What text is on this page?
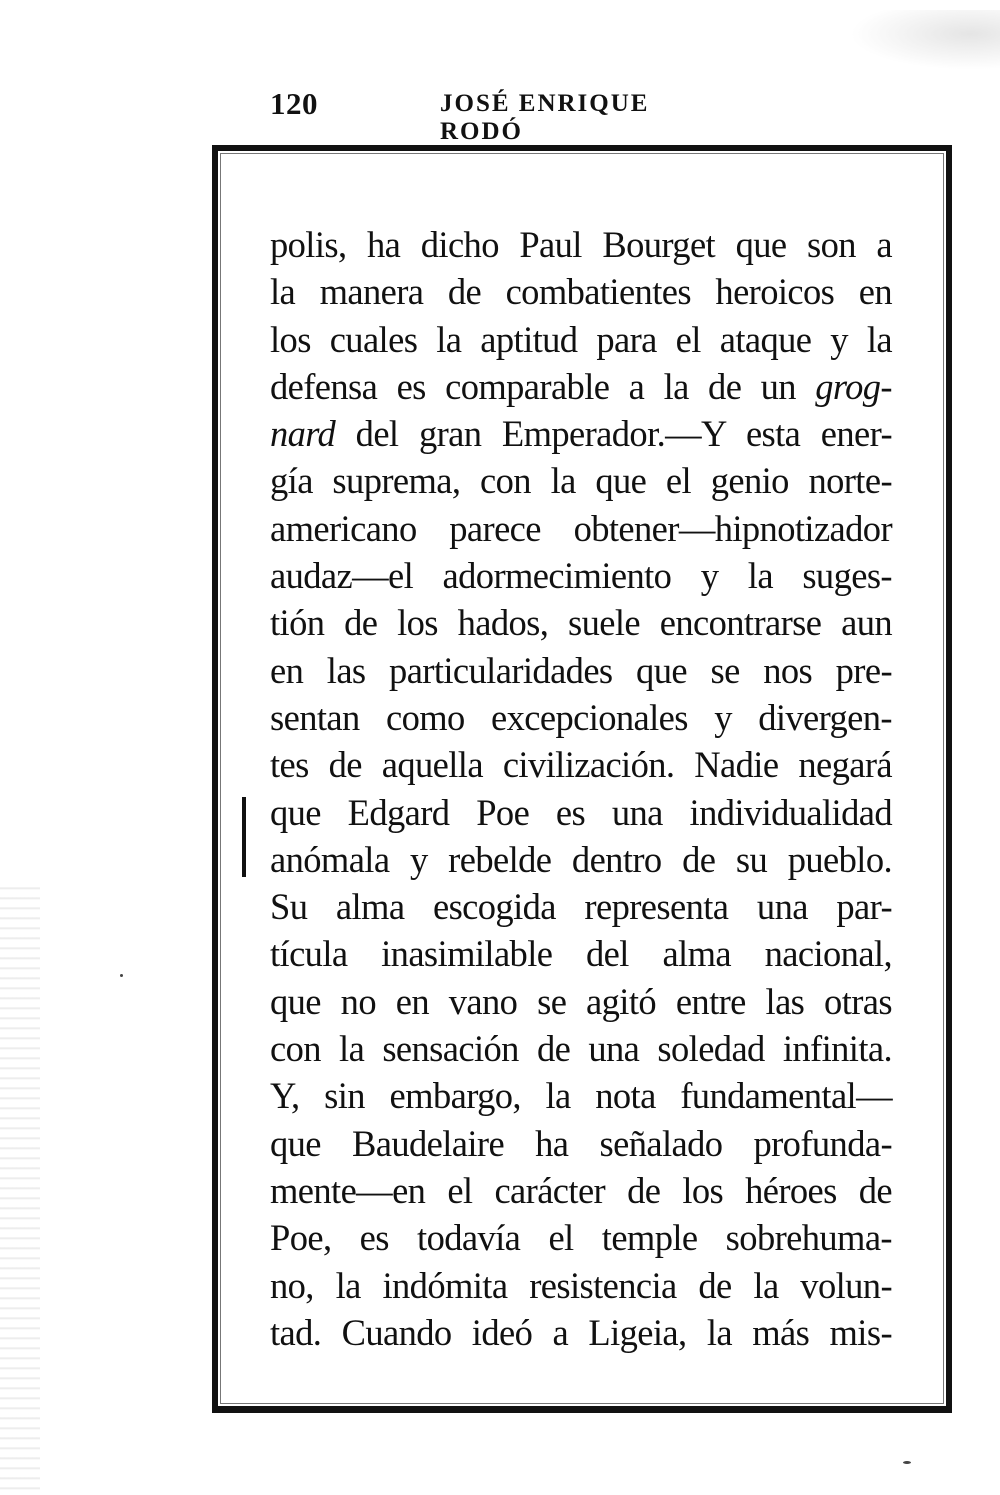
120	JOSÉ ENRIQUE RODÓ
polis, ha dicho Paul Bourget que son a
la manera de combatientes heroicos en
los cuales la aptitud para el ataque y la
defensa es comparable a la de un grog-
nard del gran Emperador.—Y esta ener-
gía suprema, con la que el genio norte-
americano parece obtener—hipnotizador
audaz—el adormecimiento y la suges-
tión de los hados, suele encontrarse aun
en las particularidades que se nos pre-
sentan como excepcionales y divergen-
tes de aquella civilización. Nadie negará
que Edgard Poe es una individualidad
anómala y rebelde dentro de su pueblo.
Su alma escogida representa una par-
tícula inasimilable del alma nacional,
que no en vano se agitó entre las otras
con la sensación de una soledad infinita.
Y, sin embargo, la nota fundamental—
que Baudelaire ha señalado profunda-
mente—en el carácter de los héroes de
Poe, es todavía el temple sobrehuma-
no, la indómita resistencia de la volun-
tad. Cuando ideó a Ligeia, la más mis-
